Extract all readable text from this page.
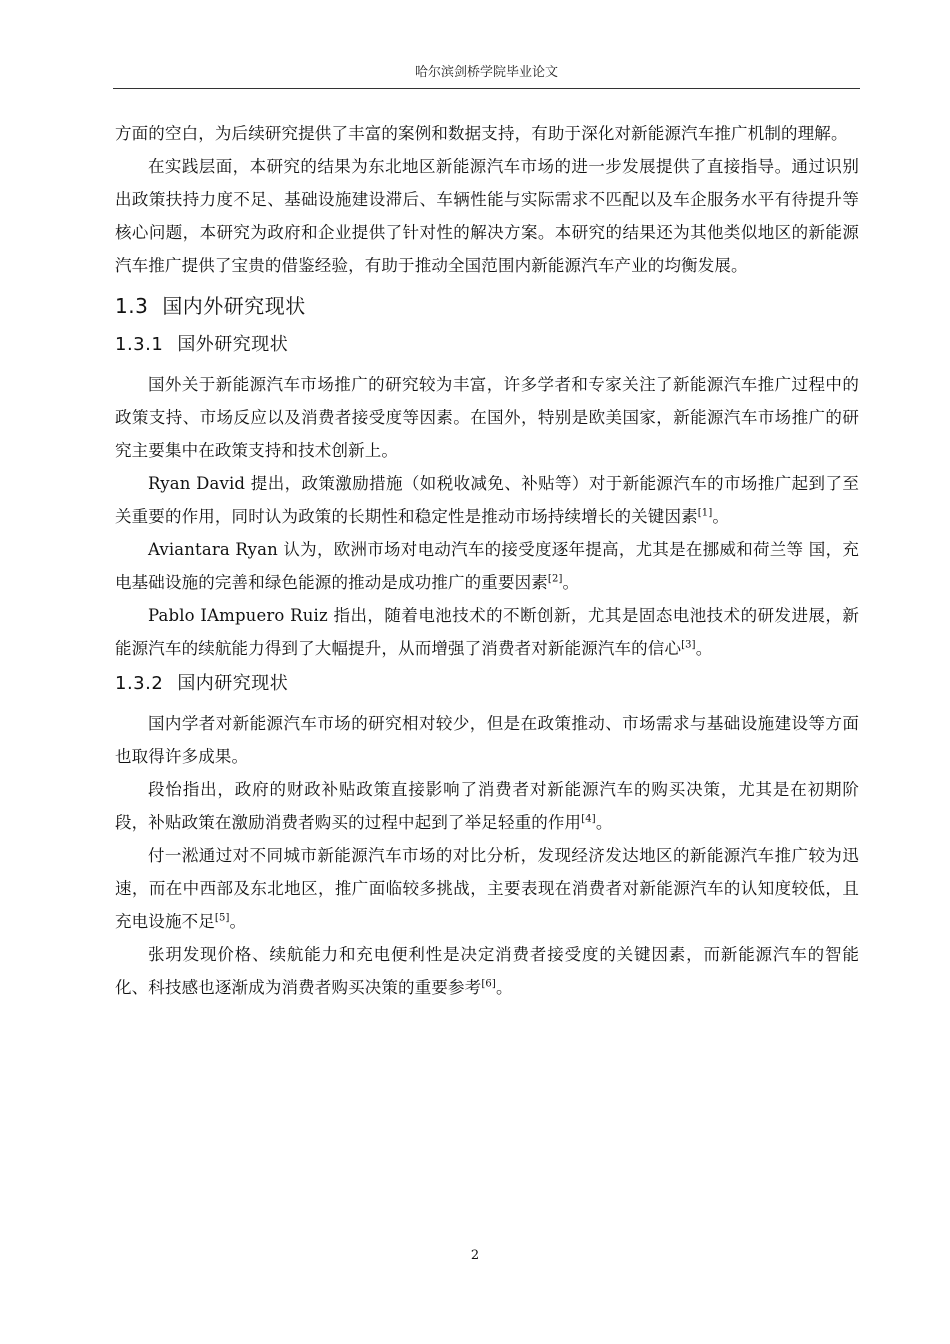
哈尔滨剑桥学院毕业论文

方面的空白，为后续研究提供了丰富的案例和数据支持，有助于深化对新能源汽车推广机制的理解。

在实践层面，本研究的结果为东北地区新能源汽车市场的进一步发展提供了直接指导。通过识别出政策扶持力度不足、基础设施建设滞后、车辆性能与实际需求不匹配以及车企服务水平有待提升等核心问题，本研究为政府和企业提供了针对性的解决方案。本研究的结果还为其他类似地区的新能源汽车推广提供了宝贵的借鉴经验，有助于推动全国范围内新能源汽车产业的均衡发展。

1.3 国内外研究现状
1.3.1 国外研究现状

国外关于新能源汽车市场推广的研究较为丰富，许多学者和专家关注了新能源汽车推广过程中的政策支持、市场反应以及消费者接受度等因素。在国外，特别是欧美国家，新能源汽车市场推广的研究主要集中在政策支持和技术创新上。

Ryan David 提出，政策激励措施（如税收减免、补贴等）对于新能源汽车的市场推广起到了至关重要的作用，同时认为政策的长期性和稳定性是推动市场持续增长的关键因素[1]。

Aviantara Ryan 认为，欧洲市场对电动汽车的接受度逐年提高，尤其是在挪威和荷兰等 国，充电基础设施的完善和绿色能源的推动是成功推广的重要因素[2]。

Pablo IAmpuero Ruiz 指出，随着电池技术的不断创新，尤其是固态电池技术的研发进展，新能源汽车的续航能力得到了大幅提升，从而增强了消费者对新能源汽车的信心[3]。

1.3.2 国内研究现状

国内学者对新能源汽车市场的研究相对较少，但是在政策推动、市场需求与基础设施建设等方面也取得许多成果。

段怡指出，政府的财政补贴政策直接影响了消费者对新能源汽车的购买决策，尤其是在初期阶段，补贴政策在激励消费者购买的过程中起到了举足轻重的作用[4]。

付一淞通过对不同城市新能源汽车市场的对比分析，发现经济发达地区的新能源汽车推广较为迅速，而在中西部及东北地区，推广面临较多挑战，主要表现在消费者对新能源汽车的认知度较低，且充电设施不足[5]。

张玥发现价格、续航能力和充电便利性是决定消费者接受度的关键因素，而新能源汽车的智能化、科技感也逐渐成为消费者购买决策的重要参考[6]。

2
